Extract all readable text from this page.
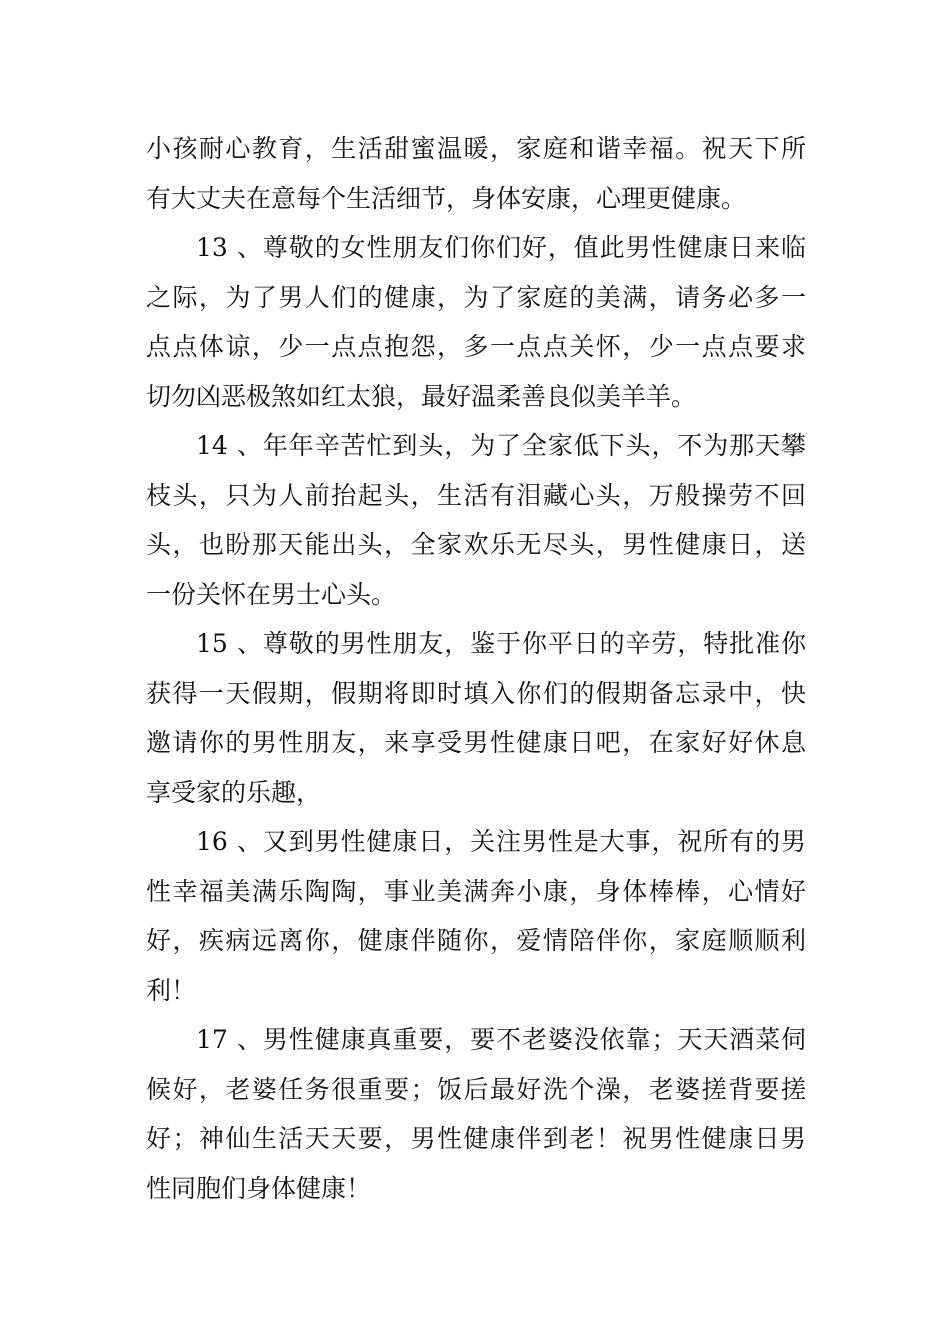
小孩耐心教育，生活甜蜜温暖，家庭和谐幸福。祝天下所
有大丈夫在意每个生活细节，身体安康，心理更健康。
13、尊敬的女性朋友们你们好，值此男性健康日来临
之际，为了男人们的健康，为了家庭的美满，请务必多一
点点体谅，少一点点抱怨，多一点点关怀，少一点点要求
切勿凶恶极煞如红太狼，最好温柔善良似美羊羊。
14、年年辛苦忙到头，为了全家低下头，不为那天攀
枝头，只为人前抬起头，生活有泪藏心头，万般操劳不回
头，也盼那天能出头，全家欢乐无尽头，男性健康日，送
一份关怀在男士心头。
15、尊敬的男性朋友，鉴于你平日的辛劳，特批准你
获得一天假期，假期将即时填入你们的假期备忘录中，快
邀请你的男性朋友，来享受男性健康日吧，在家好好休息
享受家的乐趣，
16、又到男性健康日，关注男性是大事，祝所有的男
性幸福美满乐陶陶，事业美满奔小康，身体棒棒，心情好
好，疾病远离你，健康伴随你，爱情陪伴你，家庭顺顺利
利！
17、男性健康真重要，要不老婆没依靠；天天酒菜伺
候好，老婆任务很重要；饭后最好洗个澡，老婆搓背要搓
好；神仙生活天天要，男性健康伴到老！祝男性健康日男
性同胞们身体健康！
